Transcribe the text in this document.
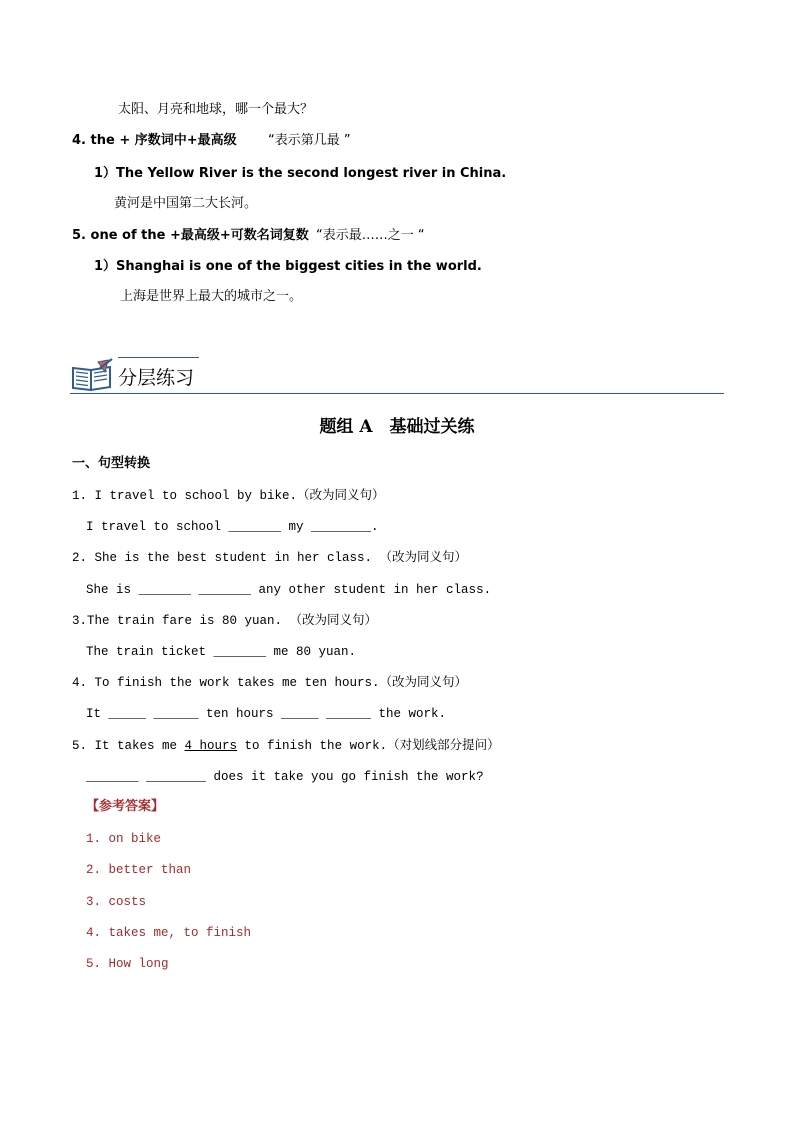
太阳、月亮和地球，哪一个最大？
4. the + 序数词中+最高级 “表示第几最 ”
1）The Yellow River is the second longest river in China.
黄河是中国第二大长河。
5. one of the +最高级+可数名词复数 “表示最……之一 “
1）Shanghai is one of the biggest cities in the world.
上海是世界上最大的城市之一。
分层练习
题组 A　基础过关练
一、句型转换
1. I travel to school by bike.（改为同义句）
I travel to school _______ my ________.
2. She is the best student in her class. （改为同义句）
She is _______ _______ any other student in her class.
3.The train fare is 80 yuan. （改为同义句）
The train ticket _______ me 80 yuan.
4. To finish the work takes me ten hours.（改为同义句）
It _____ ______ ten hours _____ ______ the work.
5. It takes me 4 hours to finish the work.（对划线部分提问）
_______ ________ does it take you go finish the work?
【参考答案】
1. on bike
2. better than
3. costs
4. takes me, to finish
5. How long
